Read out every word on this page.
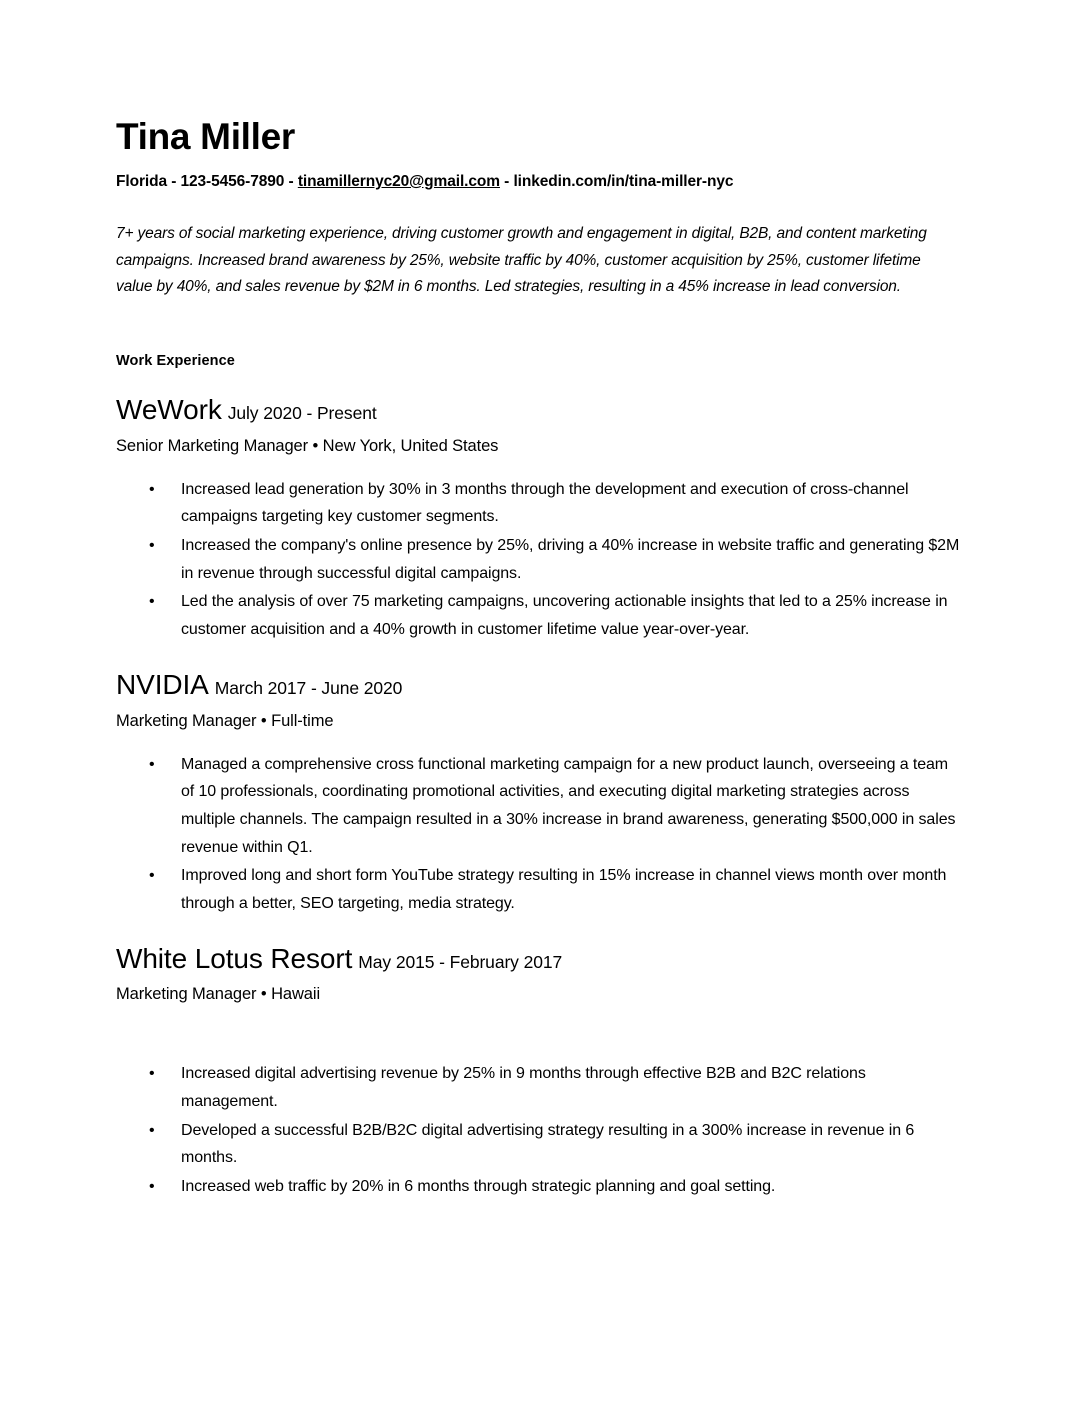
Tina Miller
Florida - 123-5456-7890 - tinamillernyc20@gmail.com - linkedin.com/in/tina-miller-nyc

7+ years of social marketing experience, driving customer growth and engagement in digital, B2B, and content marketing campaigns. Increased brand awareness by 25%, website traffic by 40%, customer acquisition by 25%, customer lifetime value by 40%, and sales revenue by $2M in 6 months. Led strategies, resulting in a 45% increase in lead conversion.

Work Experience
WeWork July 2020 - Present
Senior Marketing Manager • New York, United States
• Increased lead generation by 30% in 3 months through the development and execution of cross-channel campaigns targeting key customer segments.
• Increased the company's online presence by 25%, driving a 40% increase in website traffic and generating $2M in revenue through successful digital campaigns.
• Led the analysis of over 75 marketing campaigns, uncovering actionable insights that led to a 25% increase in customer acquisition and a 40% growth in customer lifetime value year-over-year.
NVIDIA March 2017 - June 2020
Marketing Manager • Full-time
• Managed a comprehensive cross functional marketing campaign for a new product launch, overseeing a team of 10 professionals, coordinating promotional activities, and executing digital marketing strategies across multiple channels. The campaign resulted in a 30% increase in brand awareness, generating $500,000 in sales revenue within Q1.
• Improved long and short form YouTube strategy resulting in 15% increase in channel views month over month through a better, SEO targeting, media strategy.
White Lotus Resort May 2015 - February 2017
Marketing Manager • Hawaii
• Increased digital advertising revenue by 25% in 9 months through effective B2B and B2C relations management.
• Developed a successful B2B/B2C digital advertising strategy resulting in a 300% increase in revenue in 6 months.
• Increased web traffic by 20% in 6 months through strategic planning and goal setting.
